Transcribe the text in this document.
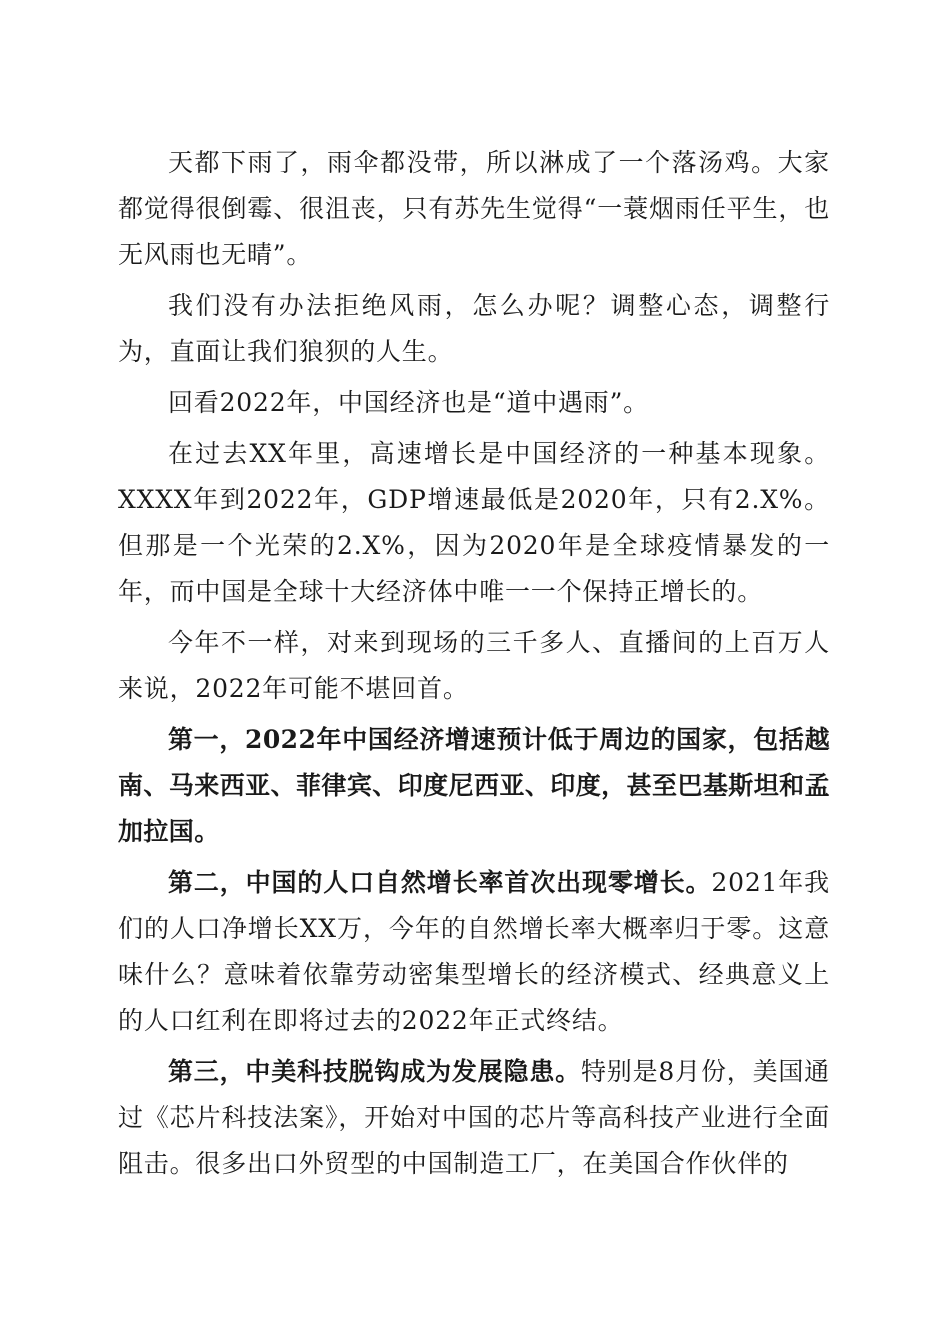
天都下雨了，雨伞都没带，所以淋成了一个落汤鸡。大家都觉得很倒霉、很沮丧，只有苏先生觉得“一蓑烟雨任平生，也无风雨也无晴”。

我们没有办法拒绝风雨，怎么办呢？调整心态，调整行为，直面让我们狼狈的人生。

回看2022年，中国经济也是“道中遇雨”。

在过去XX年里，高速增长是中国经济的一种基本现象。XXXX年到2022年，GDP增速最低是2020年，只有2.X%。但那是一个光荣的2.X%，因为2020年是全球疫情暴发的一年，而中国是全球十大经济体中唯一一个保持正增长的。

今年不一样，对来到现场的三千多人、直播间的上百万人来说，2022年可能不堪回首。

第一，2022年中国经济增速预计低于周边的国家，包括越南、马来西亚、菲律宾、印度尼西亚、印度，甚至巴基斯坦和孟加拉国。

第二，中国的人口自然增长率首次出现零增长。2021年我们的人口净增长XX万，今年的自然增长率大概率归于零。这意味什么？意味着依靠劳动密集型增长的经济模式、经典意义上的人口红利在即将过去的2022年正式终结。

第三，中美科技脱钩成为发展隐患。特别是8月份，美国通过《芯片科技法案》，开始对中国的芯片等高科技产业进行全面阻击。很多出口外贸型的中国制造工厂，在美国合作伙伴的
